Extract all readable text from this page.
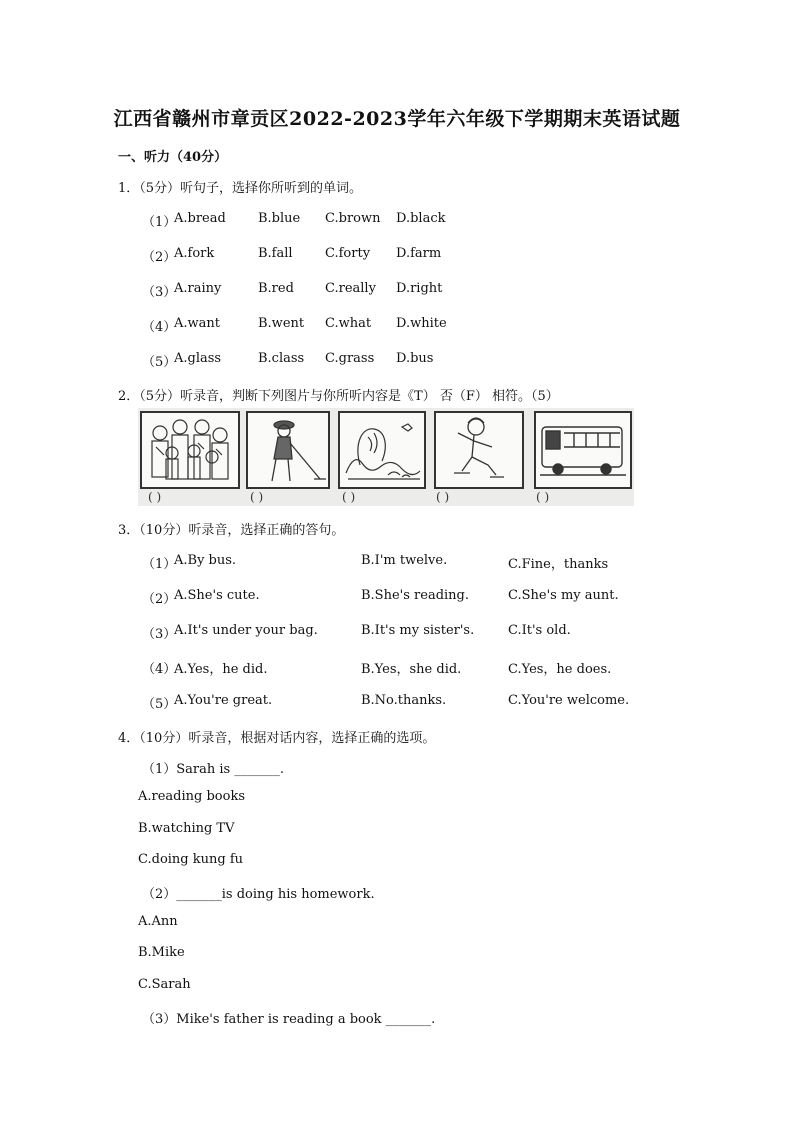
江西省赣州市章贡区2022-2023学年六年级下学期期末英语试题
一、听力（40分）
1．（5分）听句子，选择你所听到的单词。
（1）
A.bread B.blue C.brown D.black
（2）
A.fork	B.fall C.forty D.farm
（3）
A.rainy	B.red C.really D.right
（4）
A.want	B.went C.what D.white
（5）
A.glass	B.class C.grass D.bus
2．（5分）听录音，判断下列图片与你所听内容是《T） 否（F） 相符。（5）
( )	( )	( )	( )	( )
3．（10分）听录音，选择正确的答句。
（1）
A.By bus.	B.I'm twelve.	C.Fine，thanks
（2）
A.She's cute.	B.She's reading.	C.She's my aunt.
（3）
A.It's under your bag.	B.It's my sister's.	C.It's old.
（4）
A.Yes，he did.	B.Yes，she did.	C.Yes，he does.
（5）
A.You're great.	B.No.thanks.	C.You're welcome.
4．（10分）听录音，根据对话内容，选择正确的选项。
（1）Sarah is _______.
A.reading books
B.watching TV
C.doing kung fu
（2）_______is doing his homework.
A.Ann
B.Mike
C.Sarah
（3）Mike's father is reading a book _______.
